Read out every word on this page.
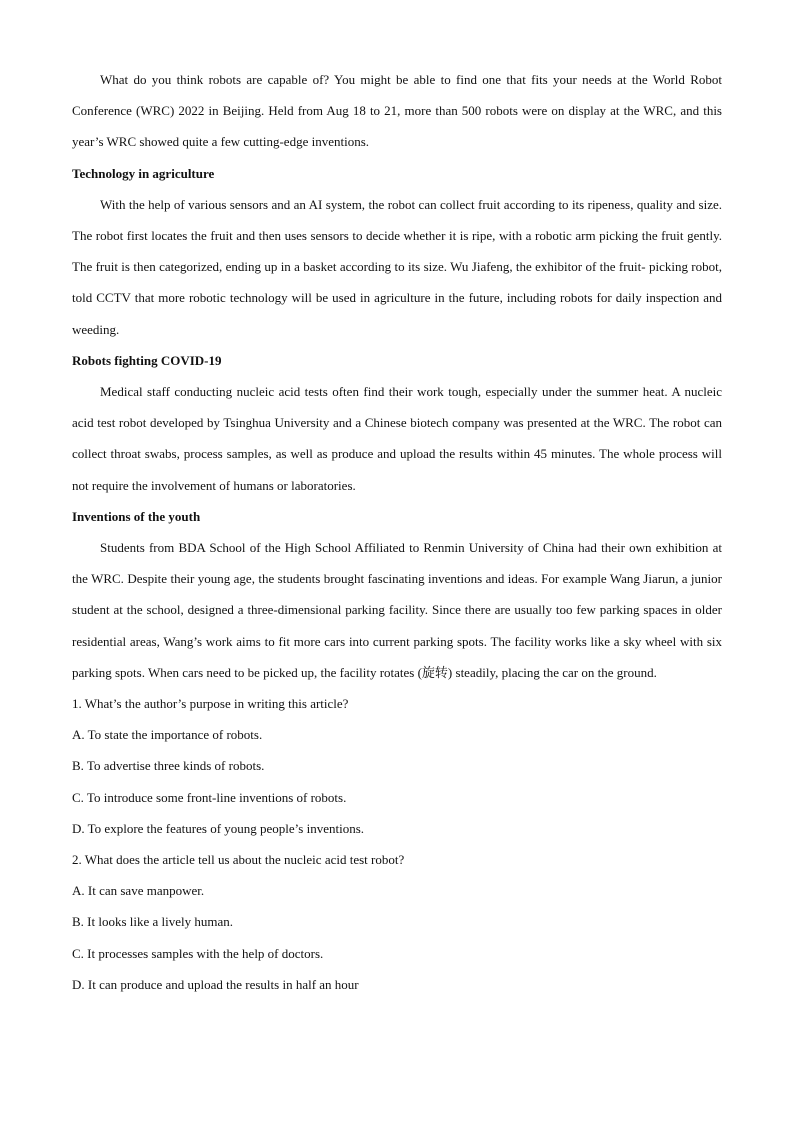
What do you think robots are capable of? You might be able to find one that fits your needs at the World Robot Conference (WRC) 2022 in Beijing. Held from Aug 18 to 21, more than 500 robots were on display at the WRC, and this year’s WRC showed quite a few cutting-edge inventions.

Technology in agriculture

With the help of various sensors and an AI system, the robot can collect fruit according to its ripeness, quality and size. The robot first locates the fruit and then uses sensors to decide whether it is ripe, with a robotic arm picking the fruit gently. The fruit is then categorized, ending up in a basket according to its size. Wu Jiafeng, the exhibitor of the fruit- picking robot, told CCTV that more robotic technology will be used in agriculture in the future, including robots for daily inspection and weeding.

Robots fighting COVID-19

Medical staff conducting nucleic acid tests often find their work tough, especially under the summer heat. A nucleic acid test robot developed by Tsinghua University and a Chinese biotech company was presented at the WRC. The robot can collect throat swabs, process samples, as well as produce and upload the results within 45 minutes. The whole process will not require the involvement of humans or laboratories.

Inventions of the youth

Students from BDA School of the High School Affiliated to Renmin University of China had their own exhibition at the WRC. Despite their young age, the students brought fascinating inventions and ideas. For example Wang Jiarun, a junior student at the school, designed a three-dimensional parking facility. Since there are usually too few parking spaces in older residential areas, Wang’s work aims to fit more cars into current parking spots. The facility works like a sky wheel with six parking spots. When cars need to be picked up, the facility rotates (旋转) steadily, placing the car on the ground.

1. What’s the author’s purpose in writing this article?

A. To state the importance of robots.

B. To advertise three kinds of robots.

C. To introduce some front-line inventions of robots.

D. To explore the features of young people’s inventions.

2. What does the article tell us about the nucleic acid test robot?

A. It can save manpower.

B. It looks like a lively human.

C. It processes samples with the help of doctors.

D. It can produce and upload the results in half an hour
